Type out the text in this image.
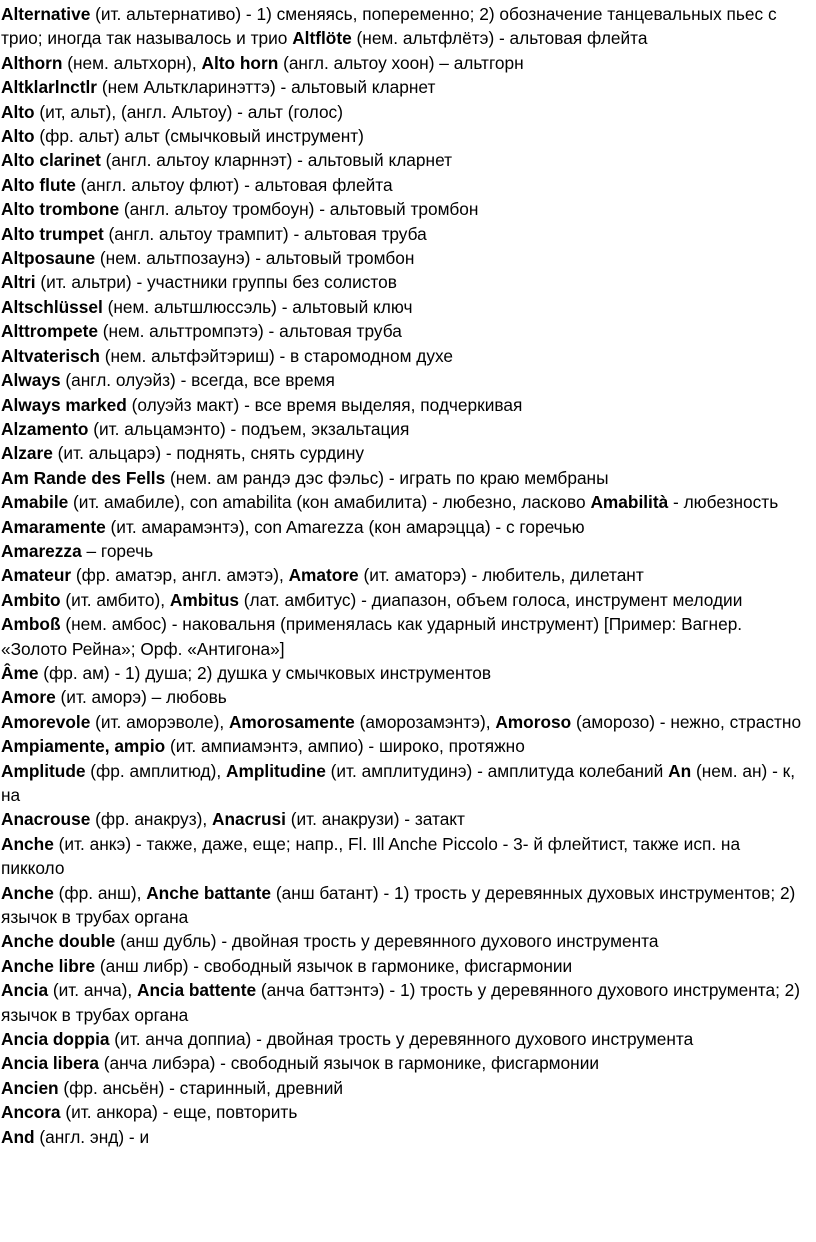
Alternative (ит. альтернативо) - 1) сменяясь, попеременно; 2) обозначение танцевальных пьес с трио; иногда так называлось и трио Altflöte (нем. альтфлётэ) - альтовая флейта

Althorn (нем. альтхорн), Alto horn (англ. альтоу хоон) – альтгорн

Altklarlnctlr (нем Альткларинэттэ) - альтовый кларнет

Alto (ит, альт), (англ. Альтоу) - альт (голос)

Alto (фр. альт) альт (смычковый инструмент)

Alto clarinet (англ. альтоу кларннэт) - альтовый кларнет

Alto flute (англ. альтоу флют) - альтовая флейта

Alto trombone (англ. альтоу тромбоун) - альтовый тромбон

Alto trumpet (англ. альтоу трампит) - альтовая труба

Altposaune (нем. альтпозаунэ) - альтовый тромбон

Altri (ит. альтри) - участники группы без солистов

Altschlüssel (нем. альтшлюссэль) - альтовый ключ

Alttrompete (нем. альттромпэтэ) - альтовая труба

Altvaterisch (нем. альтфэйтэриш) - в старомодном духе

Always (англ. олуэйз) - всегда, все время

Always marked (олуэйз макт) - все время выделяя, подчеркивая

Alzamento (ит. альцамэнто) - подъем, экзальтация

Alzare (ит. альцарэ) - поднять, снять сурдину

Am Rande des Fells (нем. ам рандэ дэс фэльс) - играть по краю мембраны

Amabile (ит. амабиле), con amabilita (кон амабилита) - любезно, ласково Amabilità - любезность

Amaramente (ит. амарамэнтэ), con Amarezza (кон амарэцца) - с горечью

Amarezza – горечь

Amateur (фр. аматэр, англ. амэтэ), Amatore (ит. аматорэ) - любитель, дилетант

Ambito (ит. амбито), Ambitus (лат. амбитус) - диапазон, объем голоса, инструмент мелодии

Amboß (нем. амбос) - наковальня (применялась как ударный инструмент) [Пример: Вагнер. «Золото Рейна»; Орф. «Антигона»]

Âme (фр. ам) - 1) душа; 2) душка у смычковых инструментов

Amore (ит. аморэ) – любовь

Amorevole (ит. аморэволе), Amorosamente (аморозамэнтэ), Amoroso (аморозо) - нежно, страстно

Ampiamente, ampio (ит. ампиамэнтэ, ампио) - широко, протяжно

Amplitude (фр. амплитюд), Amplitudine (ит. амплитудинэ) - амплитуда колебаний An (нем. ан) - к, на

Anacrouse (фр. анакруз), Anacrusi (ит. анакрузи) - затакт

Anche (ит. анкэ) - также, даже, еще; напр., Fl. Ill Anche Piccolo - 3- й флейтист, также исп. на пикколо

Anche (фр. анш), Anche battante (анш батант) - 1) трость у деревянных духовых инструментов; 2) язычок в трубах органа

Anche double (анш дубль) - двойная трость у деревянного духового инструмента

Anche libre (анш либр) - свободный язычок в гармонике, фисгармонии

Ancia (ит. анча), Ancia battente (анча баттэнтэ) - 1) трость у деревянного духового инструмента; 2) язычок в трубах органа

Ancia doppia (ит. анча доппиа) - двойная трость у деревянного духового инструмента

Ancia libera (анча либэра) - свободный язычок в гармонике, фисгармонии

Ancien (фр. ансьён) - старинный, древний

Ancora (ит. анкора) - еще, повторить

And (англ. энд) - и
